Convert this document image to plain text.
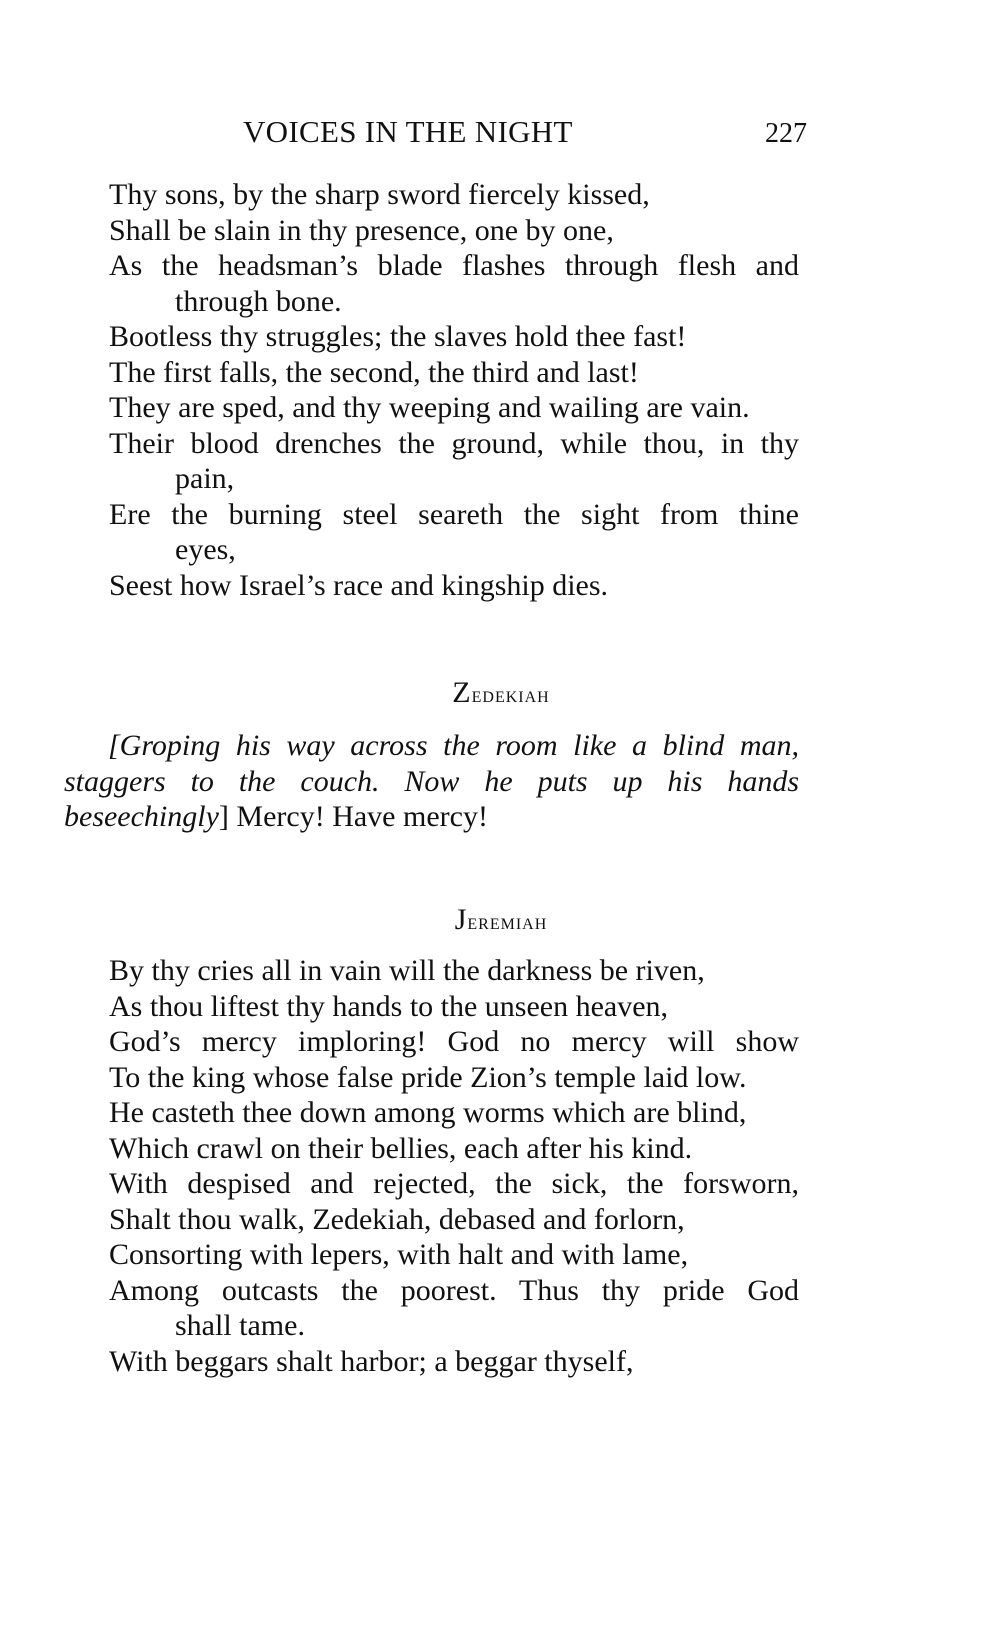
VOICES IN THE NIGHT	227
Thy sons, by the sharp sword fiercely kissed,
Shall be slain in thy presence, one by one,
As the headsman’s blade flashes through flesh and
through bone.
Bootless thy struggles; the slaves hold thee fast!
The first falls, the second, the third and last!
They are sped, and thy weeping and wailing are vain.
Their blood drenches the ground, while thou, in thy
pain,
Ere the burning steel seareth the sight from thine
eyes,
Seest how Israel’s race and kingship dies.
Zedekiah
[Groping his way across the room like a blind man,
staggers to the couch. Now he puts up his hands
beseechingly] Mercy! Have mercy!
Jeremiah
By thy cries all in vain will the darkness be riven,
As thou liftest thy hands to the unseen heaven,
God’s mercy imploring! God no mercy will show
To the king whose false pride Zion’s temple laid low.
He casteth thee down among worms which are blind,
Which crawl on their bellies, each after his kind.
With despised and rejected, the sick, the forsworn,
Shalt thou walk, Zedekiah, debased and forlorn,
Consorting with lepers, with halt and with lame,
Among outcasts the poorest. Thus thy pride God
shall tame.
With beggars shalt harbor; a beggar thyself,
